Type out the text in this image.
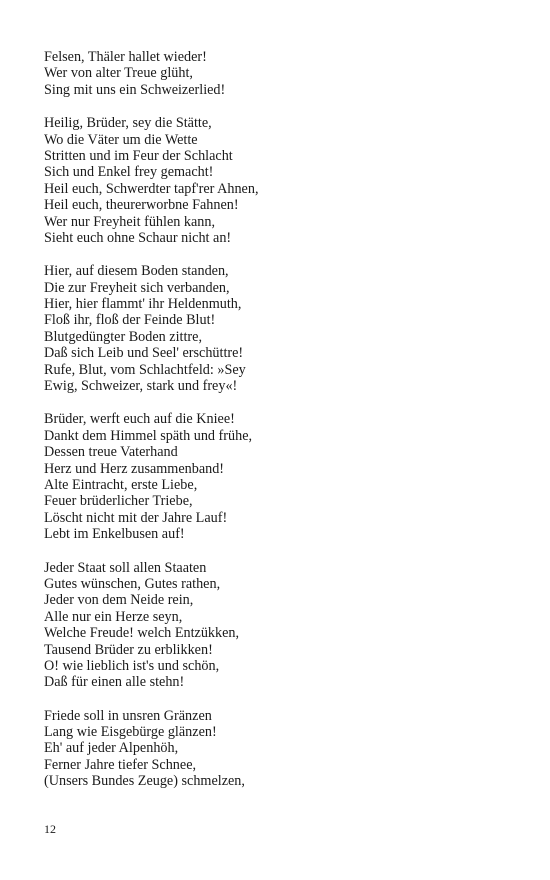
Felsen, Thäler hallet wieder!
Wer von alter Treue glüht,
Sing mit uns ein Schweizerlied!
Heilig, Brüder, sey die Stätte,
Wo die Väter um die Wette
Stritten und im Feur der Schlacht
Sich und Enkel frey gemacht!
Heil euch, Schwerdter tapf'rer Ahnen,
Heil euch, theurerworbne Fahnen!
Wer nur Freyheit fühlen kann,
Sieht euch ohne Schaur nicht an!
Hier, auf diesem Boden standen,
Die zur Freyheit sich verbanden,
Hier, hier flammt' ihr Heldenmuth,
Floß ihr, floß der Feinde Blut!
Blutgedüngter Boden zittre,
Daß sich Leib und Seel' erschüttre!
Rufe, Blut, vom Schlachtfeld: »Sey
Ewig, Schweizer, stark und frey«!
Brüder, werft euch auf die Kniee!
Dankt dem Himmel späth und frühe,
Dessen treue Vaterhand
Herz und Herz zusammenband!
Alte Eintracht, erste Liebe,
Feuer brüderlicher Triebe,
Löscht nicht mit der Jahre Lauf!
Lebt im Enkelbusen auf!
Jeder Staat soll allen Staaten
Gutes wünschen, Gutes rathen,
Jeder von dem Neide rein,
Alle nur ein Herze seyn,
Welche Freude! welch Entzükken,
Tausend Brüder zu erblikken!
O! wie lieblich ist's und schön,
Daß für einen alle stehn!
Friede soll in unsren Gränzen
Lang wie Eisgebürge glänzen!
Eh' auf jeder Alpenhöh,
Ferner Jahre tiefer Schnee,
(Unsers Bundes Zeuge) schmelzen,
12
